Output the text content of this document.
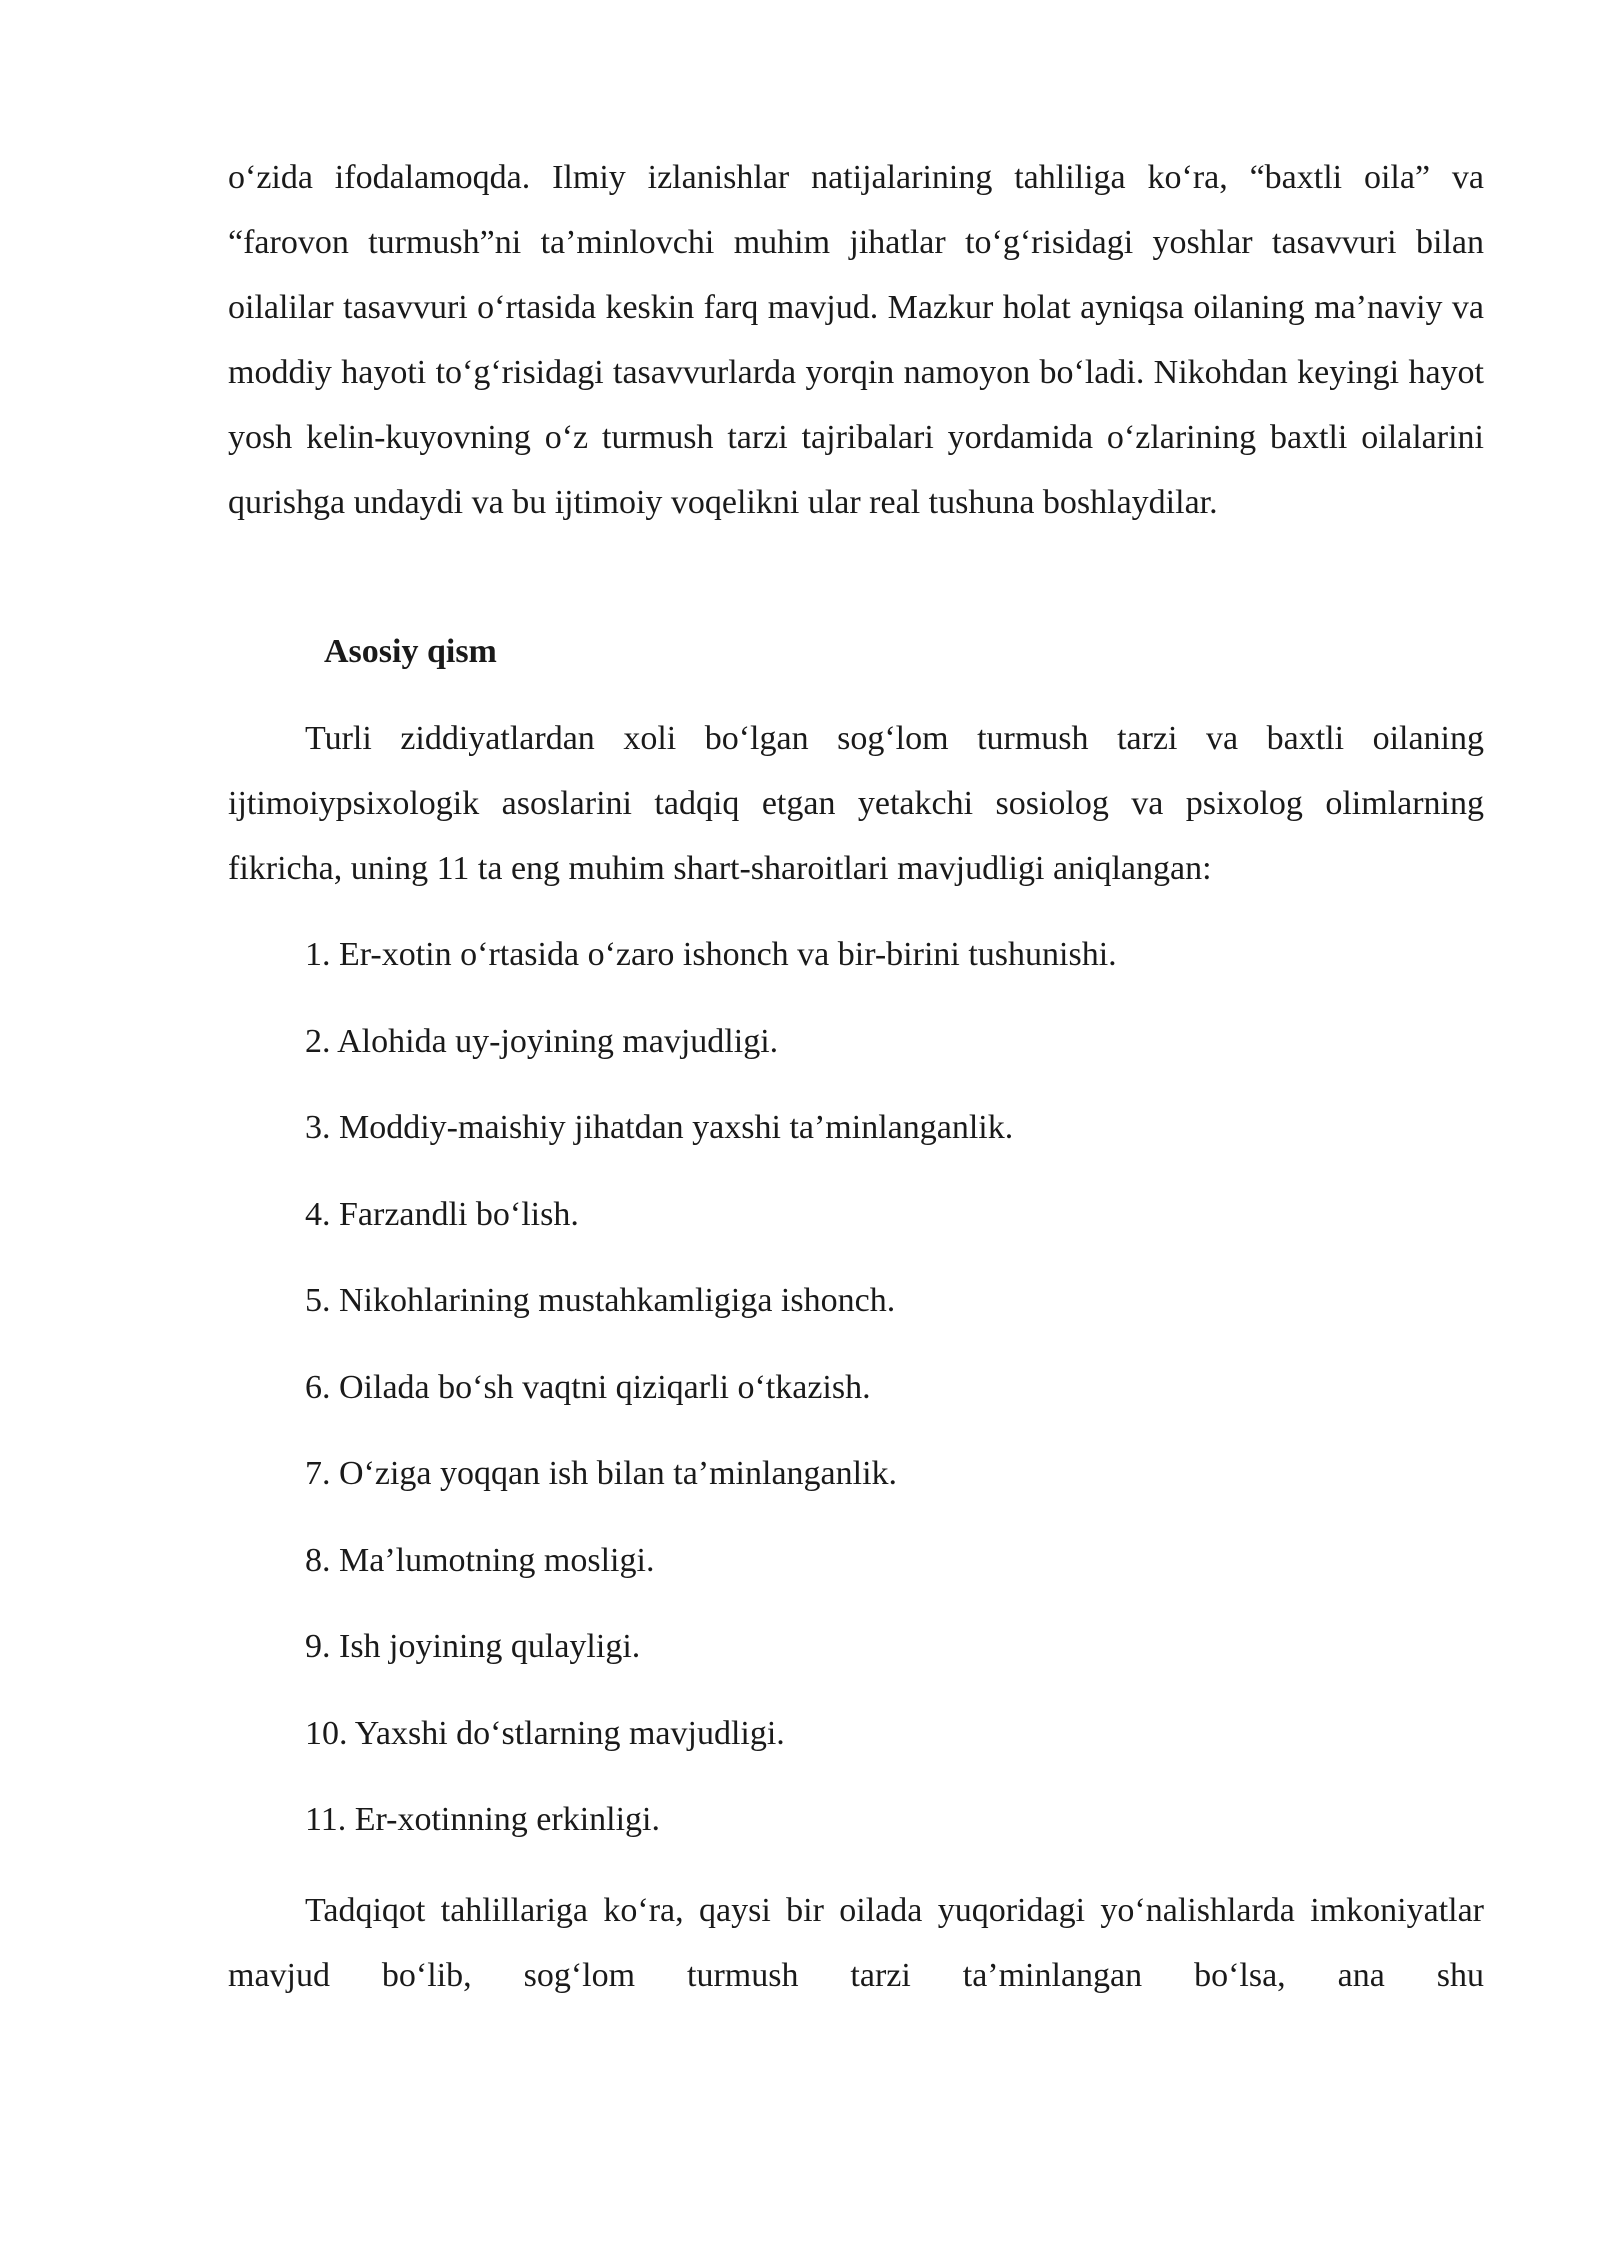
o‘zida ifodalamoqda. Ilmiy izlanishlar natijalarining tahliliga ko‘ra, “baxtli oila” va “farovon turmush”ni ta’minlovchi muhim jihatlar to‘g‘risidagi yoshlar tasavvuri bilan oilalilar tasavvuri o‘rtasida keskin farq mavjud. Mazkur holat ayniqsa oilaning ma’naviy va moddiy hayoti to‘g‘risidagi tasavvurlarda yorqin namoyon bo‘ladi. Nikohdan keyingi hayot yosh kelin-kuyovning o‘z turmush tarzi tajribalari yordamida o‘zlarining baxtli oilalarini qurishga undaydi va bu ijtimoiy voqelikni ular real tushuna boshlaydilar.

Asosiy qism

Turli ziddiyatlardan xoli bo‘lgan sog‘lom turmush tarzi va baxtli oilaning ijtimoiypsixologik asoslarini tadqiq etgan yetakchi sosiolog va psixolog olimlarning fikricha, uning 11 ta eng muhim shart-sharoitlari mavjudligi aniqlangan:

1. Er-xotin o‘rtasida o‘zaro ishonch va bir-birini tushunishi.
2. Alohida uy-joyining mavjudligi.
3. Moddiy-maishiy jihatdan yaxshi ta’minlanganlik.
4. Farzandli bo‘lish.
5. Nikohlarining mustahkamligiga ishonch.
6. Oilada bo‘sh vaqtni qiziqarli o‘tkazish.
7. O‘ziga yoqqan ish bilan ta’minlanganlik.
8. Ma’lumotning mosligi.
9. Ish joyining qulayligi.
10. Yaxshi do‘stlarning mavjudligi.
11. Er-xotinning erkinligi.

Tadqiqot tahlillariga ko‘ra, qaysi bir oilada yuqoridagi yo‘nalishlarda imkoniyatlar mavjud bo‘lib, sog‘lom turmush tarzi ta’minlangan bo‘lsa, ana shu
